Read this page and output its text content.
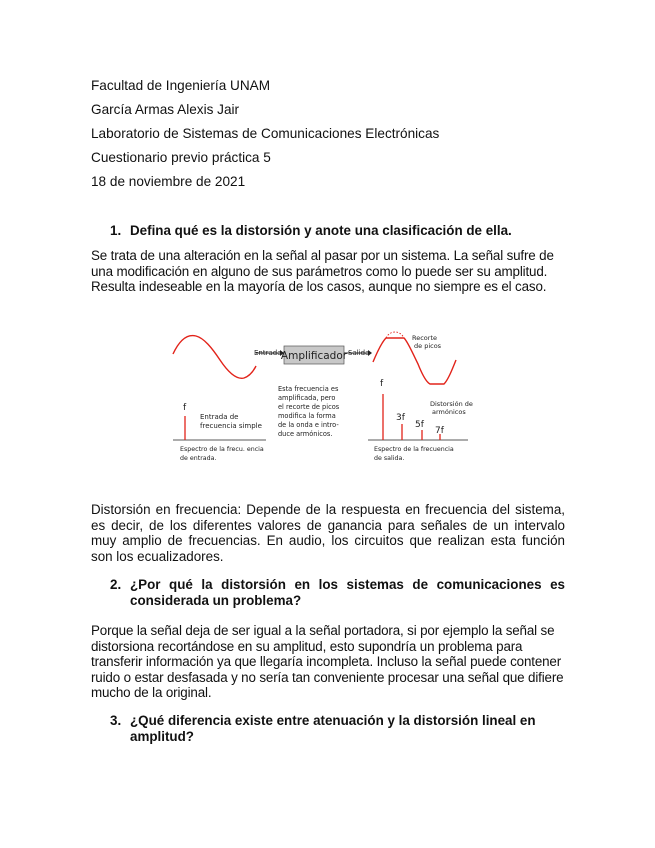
Facultad de Ingeniería UNAM
García Armas Alexis Jair
Laboratorio de Sistemas de Comunicaciones Electrónicas
Cuestionario previo práctica 5
18 de noviembre de 2021
1. Defina qué es la distorsión y anote una clasificación de ella.
Se trata de una alteración en la señal al pasar por un sistema. La señal sufre de una modificación en alguno de sus parámetros como lo puede ser su amplitud. Resulta indeseable en la mayoría de los casos, aunque no siempre es el caso.
Entrada Amplificador Salida
Recorte
de picos
Esta frecuencia es
amplificada, pero
el recorte de picos
modifica la forma
de la onda e intro-
duce armónicos.
f
Entrada de
frecuencia simple
Espectro de la frecu. encia
de entrada.
f
3f
5f
7f
Distorsión de
armónicos
Espectro de la frecuencia
de salida.
Distorsión en frecuencia: Depende de la respuesta en frecuencia del sistema, es decir, de los diferentes valores de ganancia para señales de un intervalo muy amplio de frecuencias. En audio, los circuitos que realizan esta función son los ecualizadores.
2. ¿Por qué la distorsión en los sistemas de comunicaciones es considerada un problema?
Porque la señal deja de ser igual a la señal portadora, si por ejemplo la señal se distorsiona recortándose en su amplitud, esto supondría un problema para transferir información ya que llegaría incompleta. Incluso la señal puede contener ruido o estar desfasada y no sería tan conveniente procesar una señal que difiere mucho de la original.
3. ¿Qué diferencia existe entre atenuación y la distorsión lineal en amplitud?
